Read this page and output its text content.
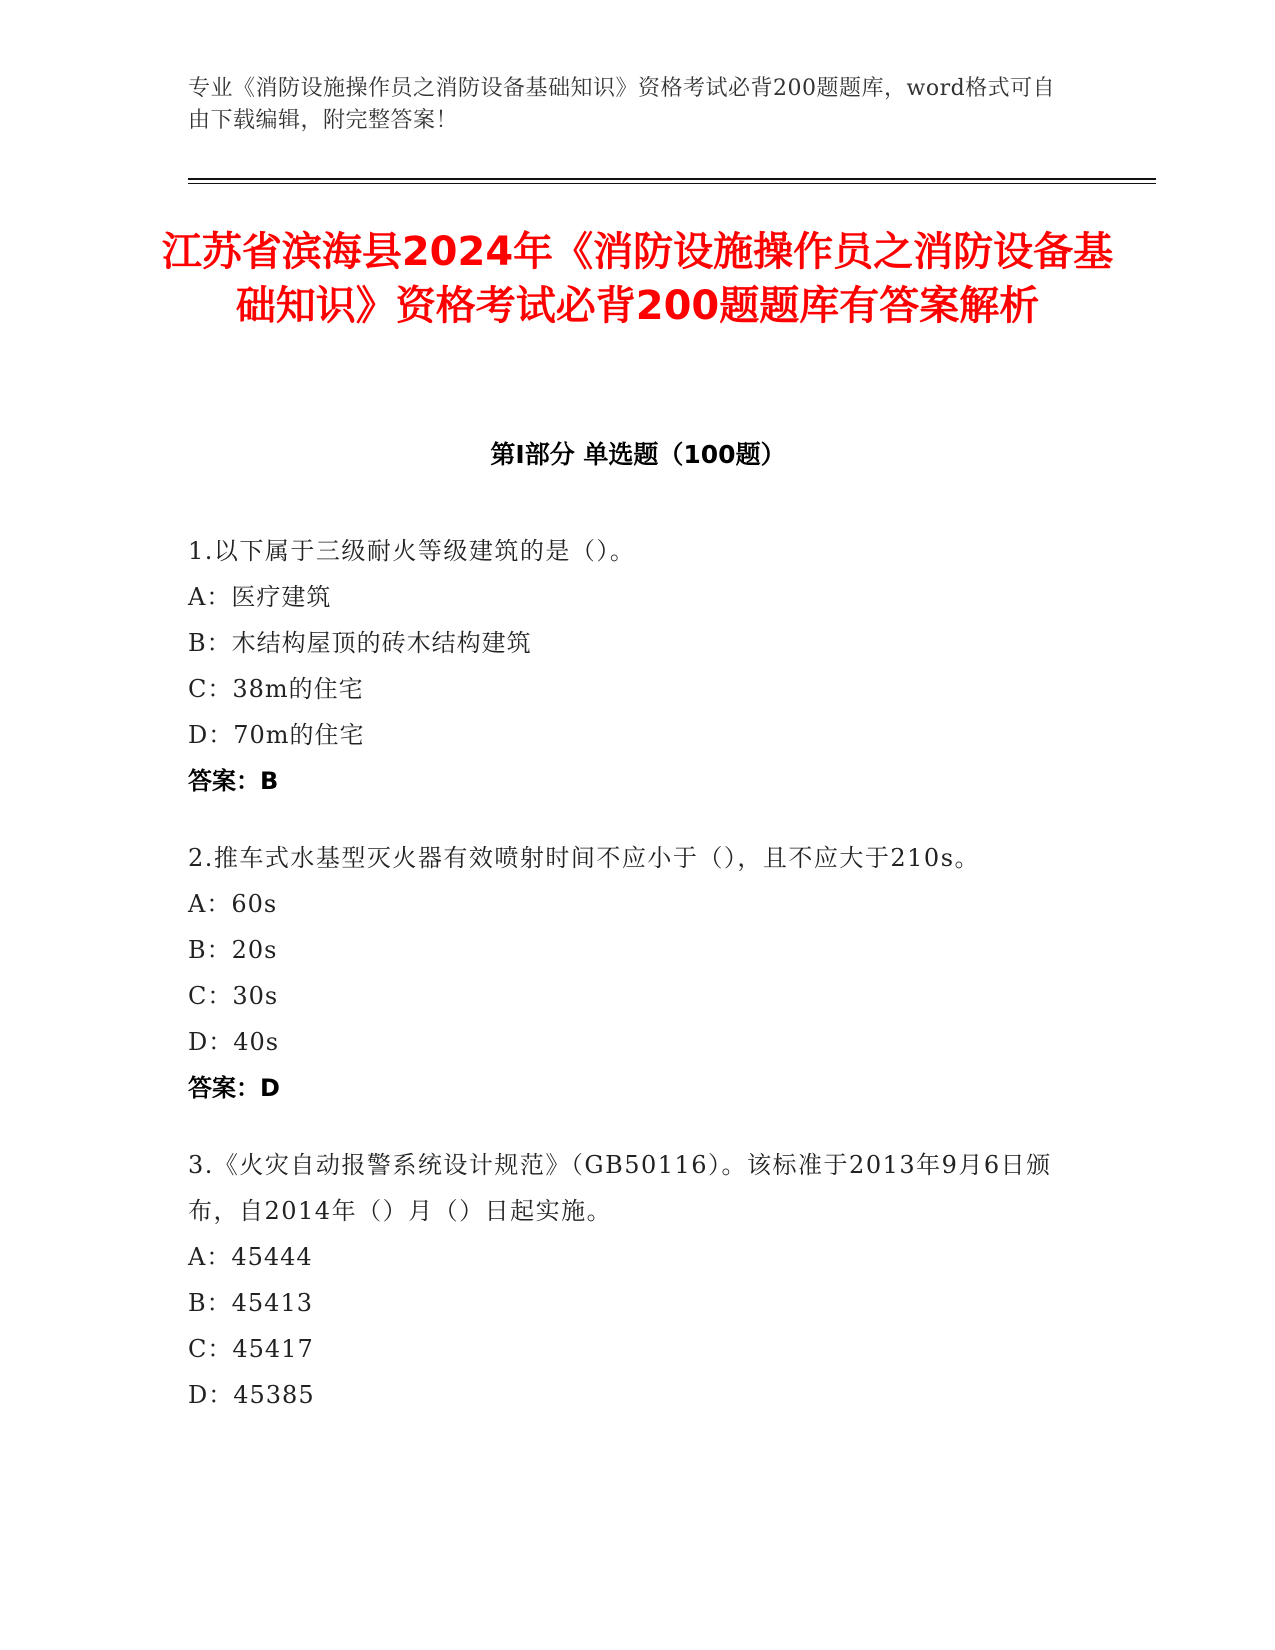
专业《消防设施操作员之消防设备基础知识》资格考试必背200题题库，word格式可自由下载编辑，附完整答案！
江苏省滨海县2024年《消防设施操作员之消防设备基础知识》资格考试必背200题题库有答案解析
第Ⅰ部分 单选题（100题）
1.以下属于三级耐火等级建筑的是（）。
A：医疗建筑
B：木结构屋顶的砖木结构建筑
C：38m的住宅
D：70m的住宅
答案：B
2.推车式水基型灭火器有效喷射时间不应小于（），且不应大于210s。
A：60s
B：20s
C：30s
D：40s
答案：D
3.《火灾自动报警系统设计规范》（GB50116）。该标准于2013年9月6日颁布，自2014年（）月（）日起实施。
A：45444
B：45413
C：45417
D：45385
